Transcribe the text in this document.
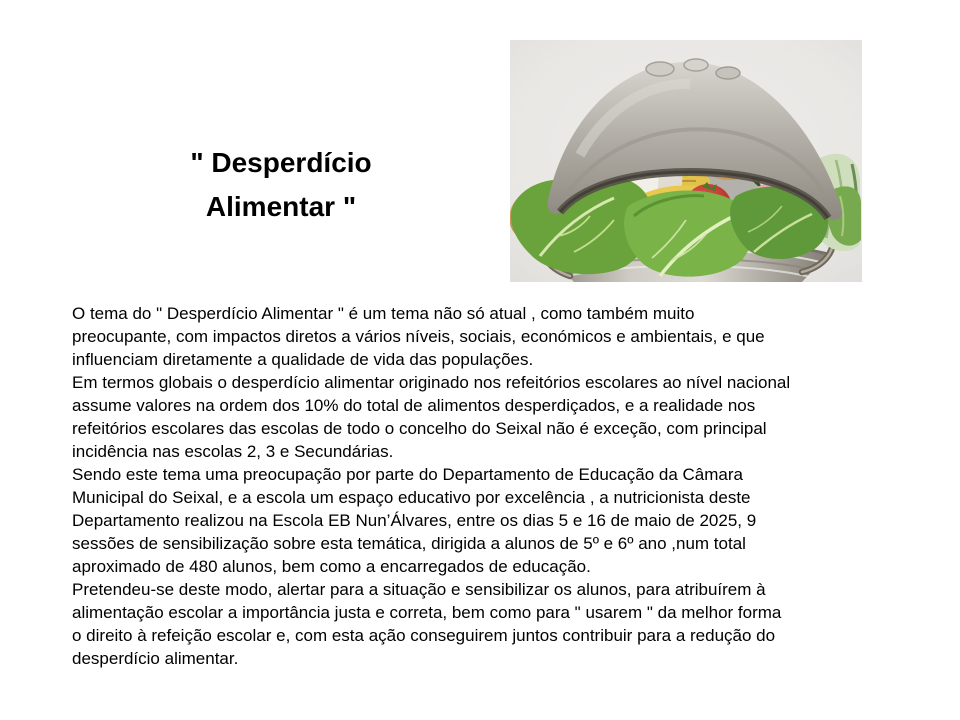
" Desperdício
Alimentar "
O tema do " Desperdício Alimentar " é um tema não só atual , como também muito
preocupante, com impactos diretos a vários níveis, sociais, económicos e ambientais, e que
influenciam diretamente a qualidade de vida das populações.
Em termos globais o desperdício alimentar originado nos refeitórios escolares ao nível nacional
assume valores na ordem dos 10% do total de alimentos desperdiçados, e a realidade nos
refeitórios escolares das escolas de todo o concelho do Seixal não é exceção, com principal
incidência nas escolas 2, 3 e Secundárias.
Sendo este tema uma preocupação por parte do Departamento de Educação da Câmara
Municipal do Seixal, e a escola um espaço educativo por excelência , a nutricionista deste
Departamento realizou na Escola EB Nun’Álvares, entre os dias 5 e 16 de maio de 2025, 9
sessões de sensibilização sobre esta temática, dirigida a alunos de 5º e 6º ano ,num total
aproximado de 480 alunos, bem como a encarregados de educação.
Pretendeu-se deste modo, alertar para a situação e sensibilizar os alunos, para atribuírem à
alimentação escolar a importância justa e correta, bem como para " usarem " da melhor forma
o direito à refeição escolar e, com esta ação conseguirem juntos contribuir para a redução do
desperdício alimentar.
